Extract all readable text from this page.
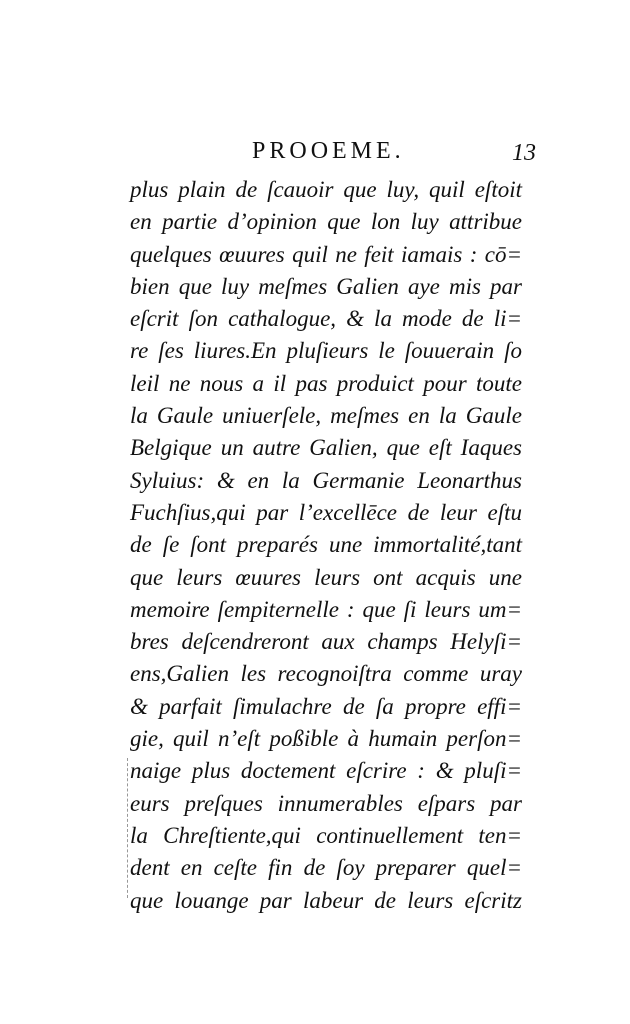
PROOEME.	13
plus plain de ſcauoir que luy, quil eſtoit
en partie d’opinion que lon luy attribue
quelques œuures quil ne feit iamais : cō=
bien que luy meſmes Galien aye mis par
eſcrit ſon cathalogue, & la mode de li=
re ſes liures.En pluſieurs le ſouuerain ſo
leil ne nous a il pas produict pour toute
la Gaule uniuerſele, meſmes en la Gaule
Belgique un autre Galien, que eſt Iaques
Syluius: & en la Germanie Leonarthus
Fuchſius,qui par l’excellēce de leur eſtu
de ſe ſont preparés une immortalité,tant
que leurs œuures leurs ont acquis une
memoire ſempiternelle : que ſi leurs um=
bres deſcendreront aux champs Helyſi=
ens,Galien les recognoiſtra comme uray
& parfait ſimulachre de ſa propre effi=
gie, quil n’eſt poßible à humain perſon=
naige plus doctement eſcrire : & pluſi=
eurs preſques innumerables eſpars par
la Chreſtiente,qui continuellement ten=
dent en ceſte fin de ſoy preparer quel=
que louange par labeur de leurs eſcritz
